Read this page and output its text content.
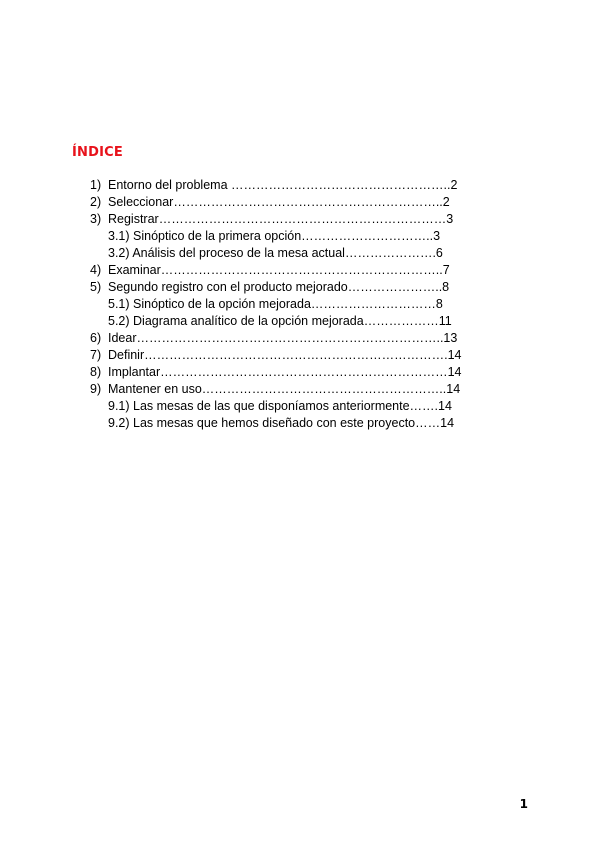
ÍNDICE
1) Entorno del problema ……………………………………………..2
2) Seleccionar………………………………………………………..2
3) Registrar……………………………………………………………3
3.1) Sinóptico de la primera opción…………………………..3
3.2) Análisis del proceso de la mesa actual………………….6
4) Examinar…………………………………………………………..7
5) Segundo registro con el producto mejorado…………………..8
5.1) Sinóptico de la opción mejorada…………………………8
5.2) Diagrama analítico de la opción mejorada………………11
6) Idear………………………………………………………………..13
7) Definir……………………………………………………………….14
8) Implantar……………………………………………………………14
9) Mantener en uso…………………………………………………..14
9.1) Las mesas de las que disponíamos anteriormente…….14
9.2) Las mesas que hemos diseñado con este proyecto……14
1
